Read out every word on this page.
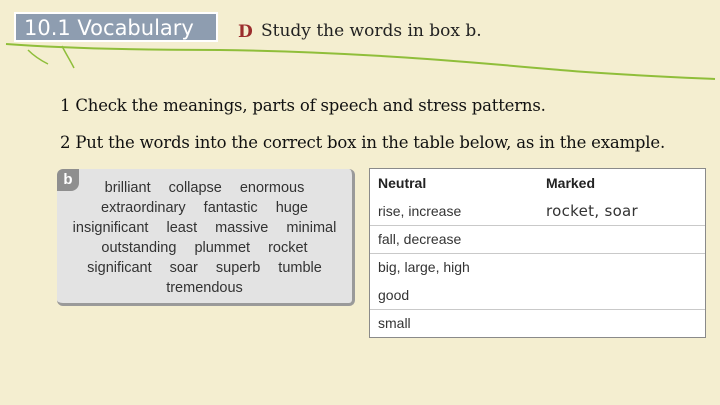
10.1 Vocabulary	D Study the words in box b.
1 Check the meanings, parts of speech and stress patterns.
2 Put the words into the correct box in the table below, as in the example.
b	brilliant collapse enormous
extraordinary fantastic huge
insignificant least massive minimal
outstanding plummet rocket
significant soar superb tumble
tremendous
Neutral	Marked
rise, increase	rocket, soar
fall, decrease	
big, large, high	
good	
small	
